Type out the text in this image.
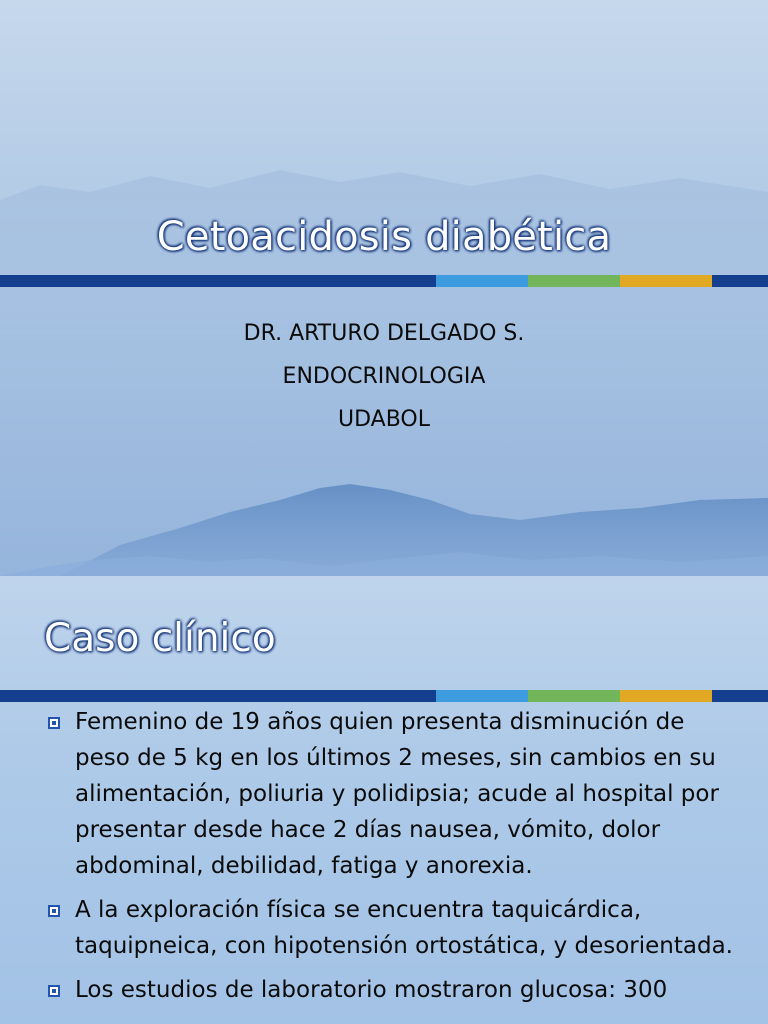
Cetoacidosis diabética
DR. ARTURO DELGADO S.
ENDOCRINOLOGIA
UDABOL
Caso clínico
Femenino de 19 años quien presenta disminución de peso de 5 kg en los últimos 2 meses, sin cambios en su alimentación, poliuria y polidipsia; acude al hospital por presentar desde hace 2 días nausea, vómito, dolor abdominal, debilidad, fatiga y anorexia.
A la exploración física se encuentra taquicárdica, taquipneica, con hipotensión ortostática, y desorientada.
Los estudios de laboratorio mostraron glucosa: 300
